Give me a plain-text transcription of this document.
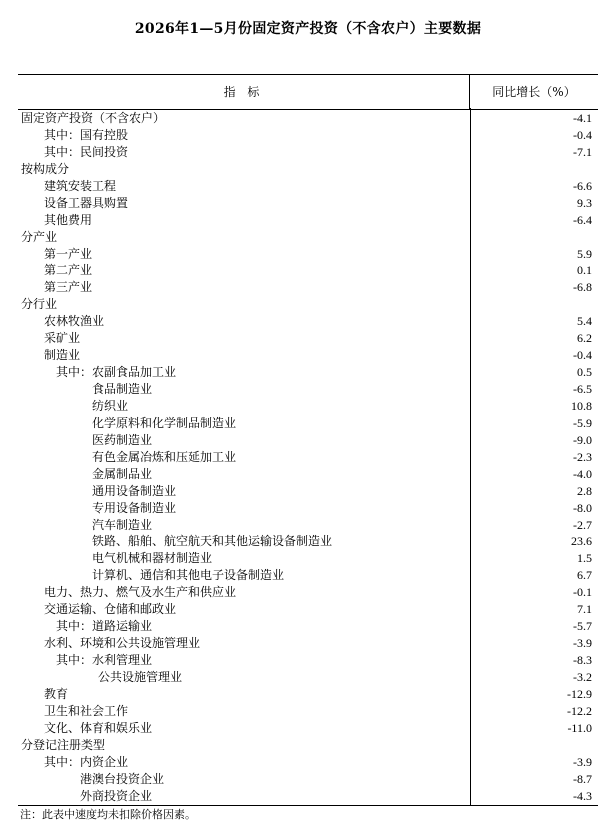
2026年1—5月份固定资产投资（不含农户）主要数据
指 标	同比增长（%）
固定资产投资（不含农户）	-4.1
其中：国有控股	-0.4
其中：民间投资	-7.1
按构成分
建筑安装工程	-6.6
设备工器具购置	9.3
其他费用	-6.4
分产业
第一产业	5.9
第二产业	0.1
第三产业	-6.8
分行业
农林牧渔业	5.4
采矿业	6.2
制造业	-0.4
其中：农副食品加工业	0.5
食品制造业	-6.5
纺织业	10.8
化学原料和化学制品制造业	-5.9
医药制造业	-9.0
有色金属冶炼和压延加工业	-2.3
金属制品业	-4.0
通用设备制造业	2.8
专用设备制造业	-8.0
汽车制造业	-2.7
铁路、船舶、航空航天和其他运输设备制造业	23.6
电气机械和器材制造业	1.5
计算机、通信和其他电子设备制造业	6.7
电力、热力、燃气及水生产和供应业	-0.1
交通运输、仓储和邮政业	7.1
其中：道路运输业	-5.7
水利、环境和公共设施管理业	-3.9
其中：水利管理业	-8.3
公共设施管理业	-3.2
教育	-12.9
卫生和社会工作	-12.2
文化、体育和娱乐业	-11.0
分登记注册类型
其中：内资企业	-3.9
港澳台投资企业	-8.7
外商投资企业	-4.3
注：此表中速度均未扣除价格因素。
